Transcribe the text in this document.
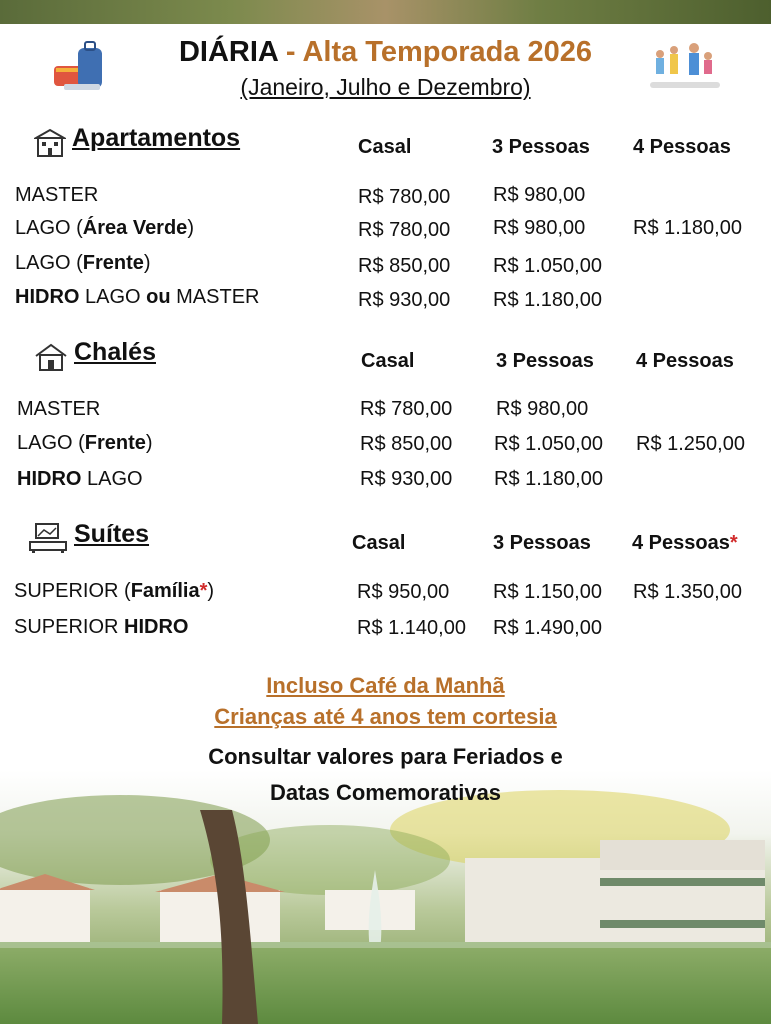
DIÁRIA - Alta Temporada 2026
(Janeiro, Julho e Dezembro)
Apartamentos	Casal	3 Pessoas 4 Pessoas
MASTER	R$ 780,00 R$ 980,00
LAGO (Área Verde)	R$ 780,00 R$ 980,00 R$ 1.180,00
LAGO (Frente)	R$ 850,00 R$ 1.050,00
HIDRO LAGO ou MASTER	R$ 930,00 R$ 1.180,00
Chalés	Casal	3 Pessoas 4 Pessoas
MASTER	R$ 780,00 R$ 980,00
LAGO (Frente)	R$ 850,00 R$ 1.050,00 R$ 1.250,00
HIDRO LAGO	R$ 930,00 R$ 1.180,00
Suítes	Casal	3 Pessoas 4 Pessoas*
SUPERIOR (Família*)	R$ 950,00 R$ 1.150,00 R$ 1.350,00
SUPERIOR HIDRO	R$ 1.140,00 R$ 1.490,00
Incluso Café da Manhã
Crianças até 4 anos tem cortesia
Consultar valores para Feriados e
Datas Comemorativas
